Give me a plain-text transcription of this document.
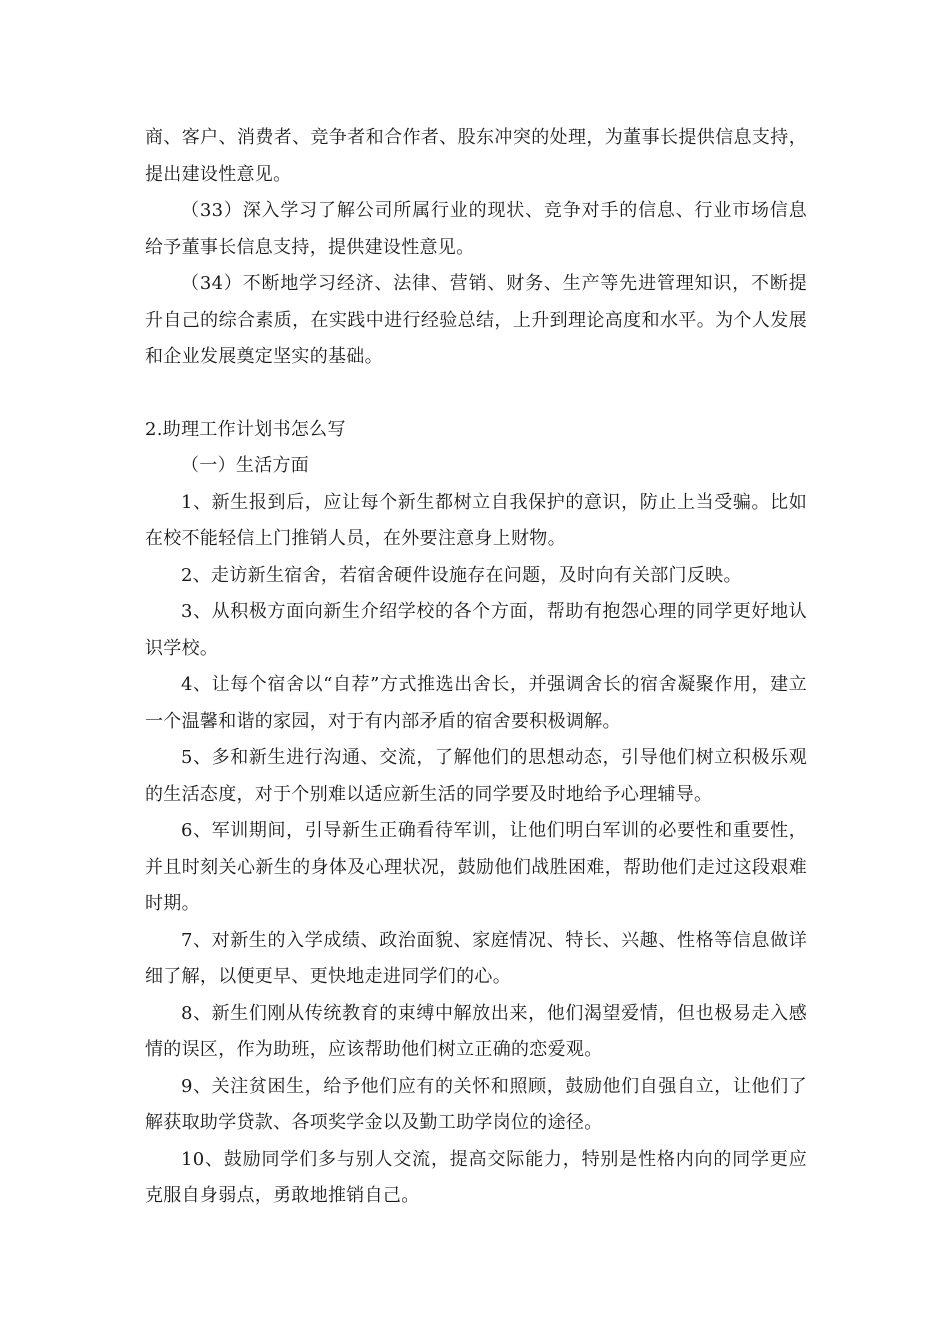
商、客户、消费者、竞争者和合作者、股东冲突的处理，为董事长提供信息支持，提出建设性意见。

（33）深入学习了解公司所属行业的现状、竞争对手的信息、行业市场信息给予董事长信息支持，提供建设性意见。

（34）不断地学习经济、法律、营销、财务、生产等先进管理知识，不断提升自己的综合素质，在实践中进行经验总结，上升到理论高度和水平。为个人发展和企业发展奠定坚实的基础。

2.助理工作计划书怎么写

（一）生活方面

1、新生报到后，应让每个新生都树立自我保护的意识，防止上当受骗。比如在校不能轻信上门推销人员，在外要注意身上财物。

2、走访新生宿舍，若宿舍硬件设施存在问题，及时向有关部门反映。

3、从积极方面向新生介绍学校的各个方面，帮助有抱怨心理的同学更好地认识学校。

4、让每个宿舍以“自荐”方式推选出舍长，并强调舍长的宿舍凝聚作用，建立一个温馨和谐的家园，对于有内部矛盾的宿舍要积极调解。

5、多和新生进行沟通、交流，了解他们的思想动态，引导他们树立积极乐观的生活态度，对于个别难以适应新生活的同学要及时地给予心理辅导。

6、军训期间，引导新生正确看待军训，让他们明白军训的必要性和重要性，并且时刻关心新生的身体及心理状况，鼓励他们战胜困难，帮助他们走过这段艰难时期。

7、对新生的入学成绩、政治面貌、家庭情况、特长、兴趣、性格等信息做详细了解，以便更早、更快地走进同学们的心。

8、新生们刚从传统教育的束缚中解放出来，他们渴望爱情，但也极易走入感情的误区，作为助班，应该帮助他们树立正确的恋爱观。

9、关注贫困生，给予他们应有的关怀和照顾，鼓励他们自强自立，让他们了解获取助学贷款、各项奖学金以及勤工助学岗位的途径。

10、鼓励同学们多与别人交流，提高交际能力，特别是性格内向的同学更应克服自身弱点，勇敢地推销自己。
